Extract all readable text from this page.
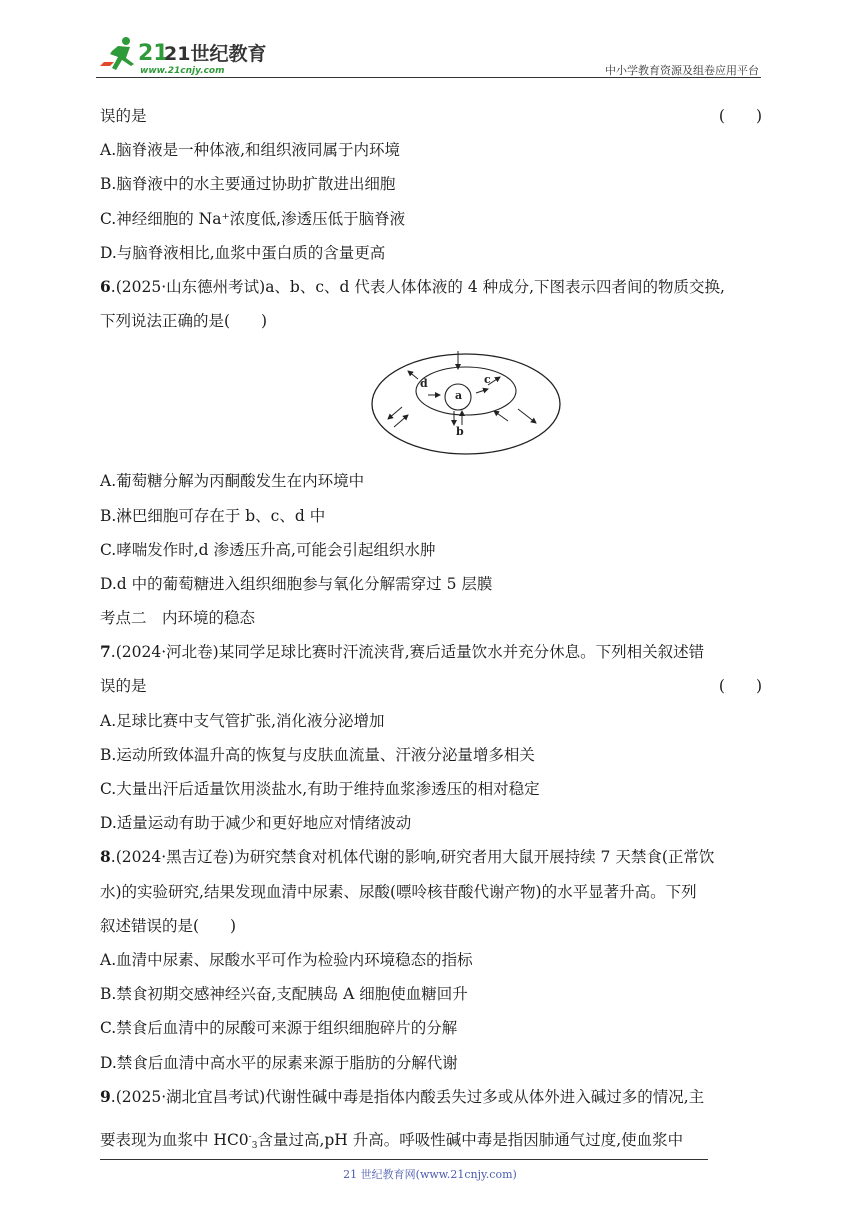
21
21世纪教育
www.21cnjy.com	中小学教育资源及组卷应用平台
误的是	(　　)
A.脑脊液是一种体液,和组织液同属于内环境
B.脑脊液中的水主要通过协助扩散进出细胞
C.神经细胞的 Na⁺浓度低,渗透压低于脑脊液
D.与脑脊液相比,血浆中蛋白质的含量更高
6.(2025·山东德州考试)a、b、c、d 代表人体体液的 4 种成分,下图表示四者间的物质交换,
下列说法正确的是(　　)
a
b
c
d
A.葡萄糖分解为丙酮酸发生在内环境中
B.淋巴细胞可存在于 b、c、d 中
C.哮喘发作时,d 渗透压升高,可能会引起组织水肿
D.d 中的葡萄糖进入组织细胞参与氧化分解需穿过 5 层膜
考点二　内环境的稳态
7.(2024·河北卷)某同学足球比赛时汗流浃背,赛后适量饮水并充分休息。下列相关叙述错
误的是	(　　)
A.足球比赛中支气管扩张,消化液分泌增加
B.运动所致体温升高的恢复与皮肤血流量、汗液分泌量增多相关
C.大量出汗后适量饮用淡盐水,有助于维持血浆渗透压的相对稳定
D.适量运动有助于减少和更好地应对情绪波动
8.(2024·黑吉辽卷)为研究禁食对机体代谢的影响,研究者用大鼠开展持续 7 天禁食(正常饮
水)的实验研究,结果发现血清中尿素、尿酸(嘌呤核苷酸代谢产物)的水平显著升高。下列
叙述错误的是(　　)
A.血清中尿素、尿酸水平可作为检验内环境稳态的指标
B.禁食初期交感神经兴奋,支配胰岛 A 细胞使血糖回升
C.禁食后血清中的尿酸可来源于组织细胞碎片的分解
D.禁食后血清中高水平的尿素来源于脂肪的分解代谢
9.(2025·湖北宜昌考试)代谢性碱中毒是指体内酸丢失过多或从体外进入碱过多的情况,主
要表现为血浆中 $HC0^-_3$含量过高,pH 升高。呼吸性碱中毒是指因肺通气过度,使血浆中
21 世纪教育网(www.21cnjy.com)
